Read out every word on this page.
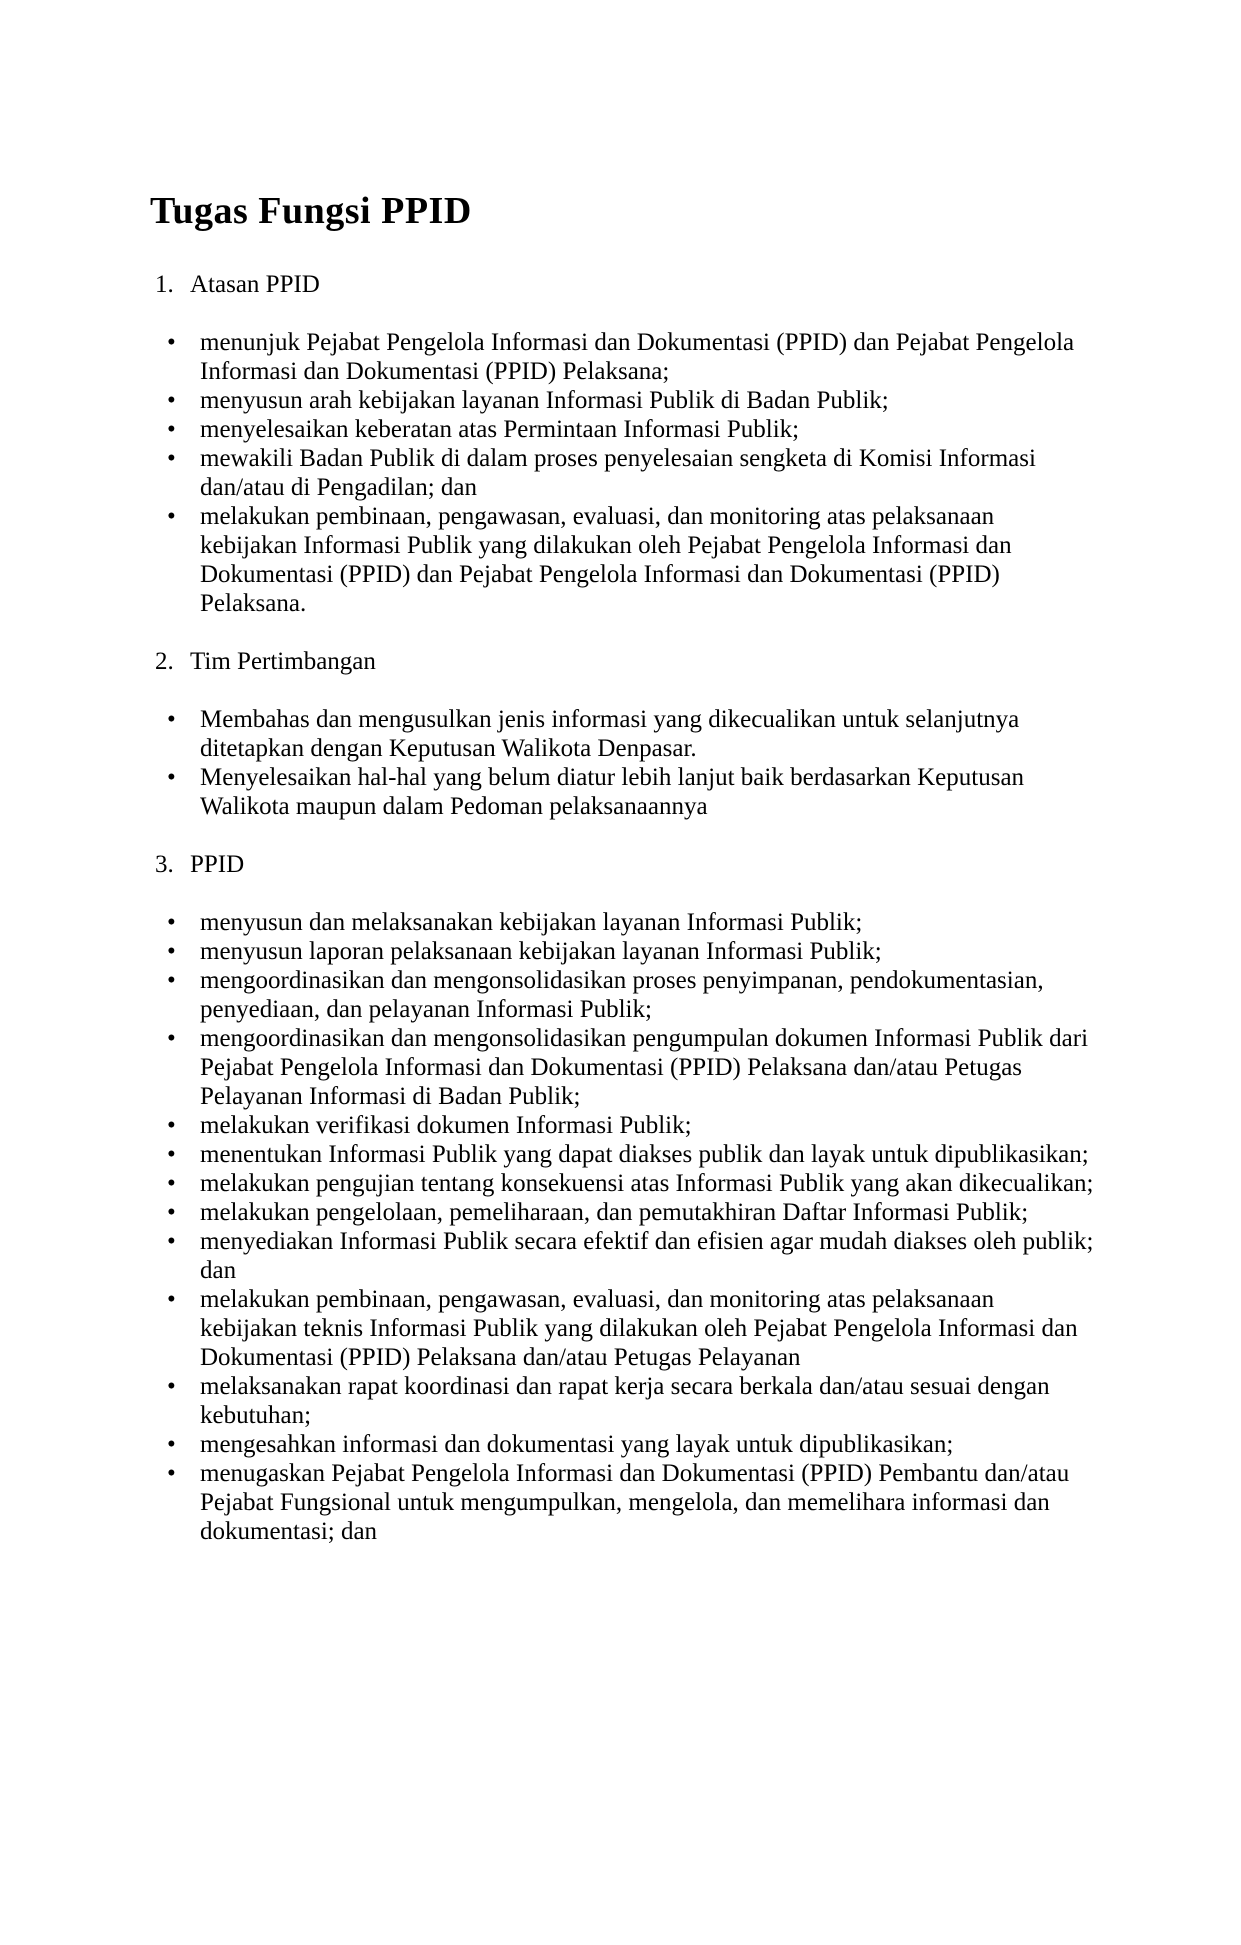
Tugas Fungsi PPID
1. Atasan PPID
• menunjuk Pejabat Pengelola Informasi dan Dokumentasi (PPID) dan Pejabat Pengelola Informasi dan Dokumentasi (PPID) Pelaksana;
• menyusun arah kebijakan layanan Informasi Publik di Badan Publik;
• menyelesaikan keberatan atas Permintaan Informasi Publik;
• mewakili Badan Publik di dalam proses penyelesaian sengketa di Komisi Informasi dan/atau di Pengadilan; dan
• melakukan pembinaan, pengawasan, evaluasi, dan monitoring atas pelaksanaan kebijakan Informasi Publik yang dilakukan oleh Pejabat Pengelola Informasi dan Dokumentasi (PPID) dan Pejabat Pengelola Informasi dan Dokumentasi (PPID) Pelaksana.
2. Tim Pertimbangan
• Membahas dan mengusulkan jenis informasi yang dikecualikan untuk selanjutnya ditetapkan dengan Keputusan Walikota Denpasar.
• Menyelesaikan hal-hal yang belum diatur lebih lanjut baik berdasarkan Keputusan Walikota maupun dalam Pedoman pelaksanaannya
3. PPID
• menyusun dan melaksanakan kebijakan layanan Informasi Publik;
• menyusun laporan pelaksanaan kebijakan layanan Informasi Publik;
• mengoordinasikan dan mengonsolidasikan proses penyimpanan, pendokumentasian, penyediaan, dan pelayanan Informasi Publik;
• mengoordinasikan dan mengonsolidasikan pengumpulan dokumen Informasi Publik dari Pejabat Pengelola Informasi dan Dokumentasi (PPID) Pelaksana dan/atau Petugas Pelayanan Informasi di Badan Publik;
• melakukan verifikasi dokumen Informasi Publik;
• menentukan Informasi Publik yang dapat diakses publik dan layak untuk dipublikasikan;
• melakukan pengujian tentang konsekuensi atas Informasi Publik yang akan dikecualikan;
• melakukan pengelolaan, pemeliharaan, dan pemutakhiran Daftar Informasi Publik;
• menyediakan Informasi Publik secara efektif dan efisien agar mudah diakses oleh publik; dan
• melakukan pembinaan, pengawasan, evaluasi, dan monitoring atas pelaksanaan kebijakan teknis Informasi Publik yang dilakukan oleh Pejabat Pengelola Informasi dan Dokumentasi (PPID) Pelaksana dan/atau Petugas Pelayanan
• melaksanakan rapat koordinasi dan rapat kerja secara berkala dan/atau sesuai dengan kebutuhan;
• mengesahkan informasi dan dokumentasi yang layak untuk dipublikasikan;
• menugaskan Pejabat Pengelola Informasi dan Dokumentasi (PPID) Pembantu dan/atau Pejabat Fungsional untuk mengumpulkan, mengelola, dan memelihara informasi dan dokumentasi; dan
